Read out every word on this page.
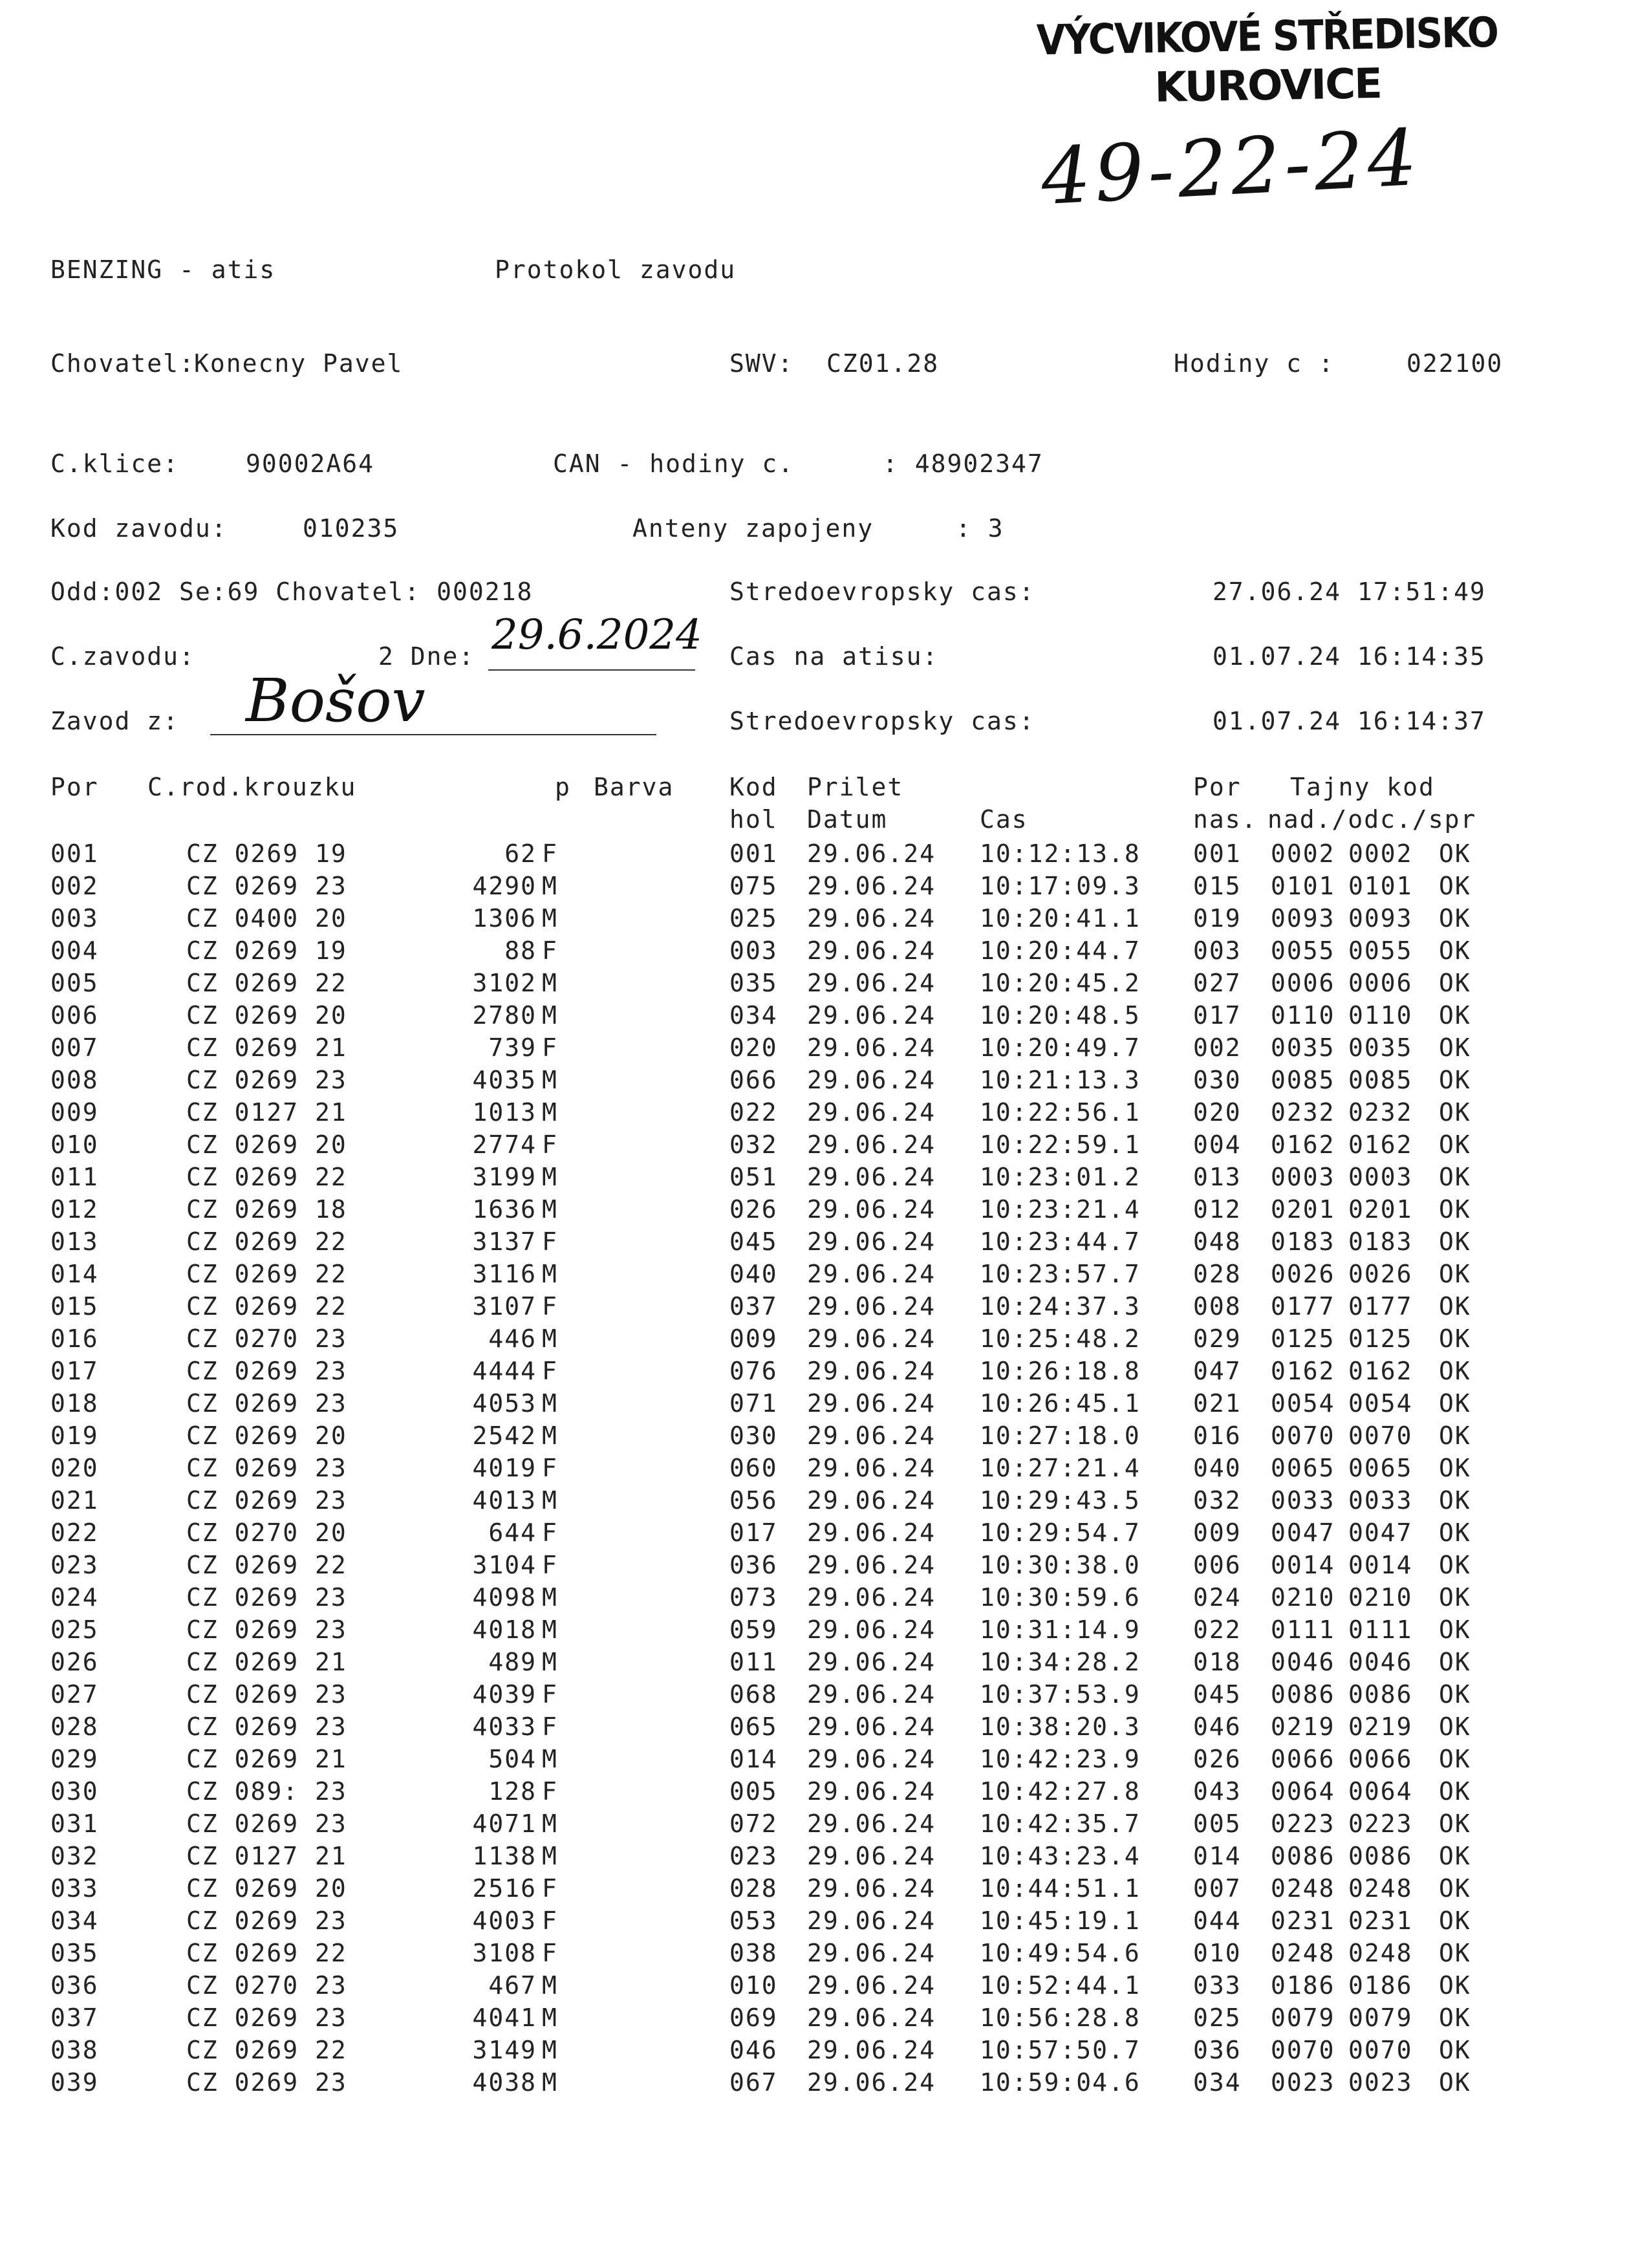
VÝCVIKOVÉ STŘEDISKO
KUROVICE
49-22-24
BENZING - atis	Protokol zavodu
Chovatel:
Konecny Pavel	SWV: CZ01.28	Hodiny c :	022100
C.klice:	90002A64	CAN - hodiny c.	: 48902347
Kod zavodu:	010235	Anteny zapojeny	: 3
Odd:002 Se:69 Chovatel: 000218	Stredoevropsky cas:	27.06.24 17:51:49
C.zavodu:	2 Dne: 29.6.2024 Cas na atisu:	01.07.24 16:14:35
Zavod z: Bošov	Stredoevropsky cas:	01.07.24 16:14:37
Por C.rod.krouzku	p Barva Kod Prilet	Por Tajny kod
hol Datum	Cas	nas. nad./odc./spr
001	CZ 0269 19	62 F	001	29.06.24	10:12:13.8	001	0002 0002	OK
002	CZ 0269 23	4290 M	075	29.06.24	10:17:09.3	015	0101 0101	OK
003	CZ 0400 20	1306 M	025	29.06.24	10:20:41.1	019	0093 0093	OK
004	CZ 0269 19	88 F	003	29.06.24	10:20:44.7	003	0055 0055	OK
005	CZ 0269 22	3102 M	035	29.06.24	10:20:45.2	027	0006 0006	OK
006	CZ 0269 20	2780 M	034	29.06.24	10:20:48.5	017	0110 0110	OK
007	CZ 0269 21	739 F	020	29.06.24	10:20:49.7	002	0035 0035	OK
008	CZ 0269 23	4035 M	066	29.06.24	10:21:13.3	030	0085 0085	OK
009	CZ 0127 21	1013 M	022	29.06.24	10:22:56.1	020	0232 0232	OK
010	CZ 0269 20	2774 F	032	29.06.24	10:22:59.1	004	0162 0162	OK
011	CZ 0269 22	3199 M	051	29.06.24	10:23:01.2	013	0003 0003	OK
012	CZ 0269 18	1636 M	026	29.06.24	10:23:21.4	012	0201 0201	OK
013	CZ 0269 22	3137 F	045	29.06.24	10:23:44.7	048	0183 0183	OK
014	CZ 0269 22	3116 M	040	29.06.24	10:23:57.7	028	0026 0026	OK
015	CZ 0269 22	3107 F	037	29.06.24	10:24:37.3	008	0177 0177	OK
016	CZ 0270 23	446 M	009	29.06.24	10:25:48.2	029	0125 0125	OK
017	CZ 0269 23	4444 F	076	29.06.24	10:26:18.8	047	0162 0162	OK
018	CZ 0269 23	4053 M	071	29.06.24	10:26:45.1	021	0054 0054	OK
019	CZ 0269 20	2542 M	030	29.06.24	10:27:18.0	016	0070 0070	OK
020	CZ 0269 23	4019 F	060	29.06.24	10:27:21.4	040	0065 0065	OK
021	CZ 0269 23	4013 M	056	29.06.24	10:29:43.5	032	0033 0033	OK
022	CZ 0270 20	644 F	017	29.06.24	10:29:54.7	009	0047 0047	OK
023	CZ 0269 22	3104 F	036	29.06.24	10:30:38.0	006	0014 0014	OK
024	CZ 0269 23	4098 M	073	29.06.24	10:30:59.6	024	0210 0210	OK
025	CZ 0269 23	4018 M	059	29.06.24	10:31:14.9	022	0111 0111	OK
026	CZ 0269 21	489 M	011	29.06.24	10:34:28.2	018	0046 0046	OK
027	CZ 0269 23	4039 F	068	29.06.24	10:37:53.9	045	0086 0086	OK
028	CZ 0269 23	4033 F	065	29.06.24	10:38:20.3	046	0219 0219	OK
029	CZ 0269 21	504 M	014	29.06.24	10:42:23.9	026	0066 0066	OK
030	CZ 089: 23	128 F	005	29.06.24	10:42:27.8	043	0064 0064	OK
031	CZ 0269 23	4071 M	072	29.06.24	10:42:35.7	005	0223 0223	OK
032	CZ 0127 21	1138 M	023	29.06.24	10:43:23.4	014	0086 0086	OK
033	CZ 0269 20	2516 F	028	29.06.24	10:44:51.1	007	0248 0248	OK
034	CZ 0269 23	4003 F	053	29.06.24	10:45:19.1	044	0231 0231	OK
035	CZ 0269 22	3108 F	038	29.06.24	10:49:54.6	010	0248 0248	OK
036	CZ 0270 23	467 M	010	29.06.24	10:52:44.1	033	0186 0186	OK
037	CZ 0269 23	4041 M	069	29.06.24	10:56:28.8	025	0079 0079	OK
038	CZ 0269 22	3149 M	046	29.06.24	10:57:50.7	036	0070 0070	OK
039	CZ 0269 23	4038 M	067	29.06.24	10:59:04.6	034	0023 0023	OK
